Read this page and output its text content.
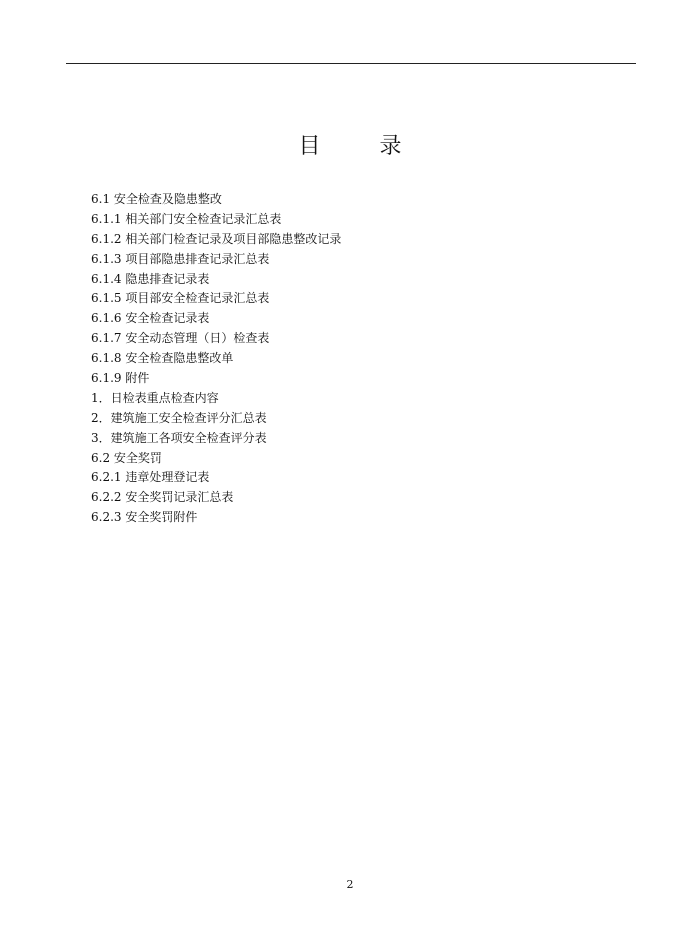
目 录
6.1 安全检查及隐患整改
6.1.1 相关部门安全检查记录汇总表
6.1.2 相关部门检查记录及项目部隐患整改记录
6.1.3 项目部隐患排查记录汇总表
6.1.4 隐患排查记录表
6.1.5 项目部安全检查记录汇总表
6.1.6 安全检查记录表
6.1.7 安全动态管理（日）检查表
6.1.8 安全检查隐患整改单
6.1.9 附件
1．日检表重点检查内容
2．建筑施工安全检查评分汇总表
3．建筑施工各项安全检查评分表
6.2 安全奖罚
6.2.1 违章处理登记表
6.2.2 安全奖罚记录汇总表
6.2.3 安全奖罚附件
2
